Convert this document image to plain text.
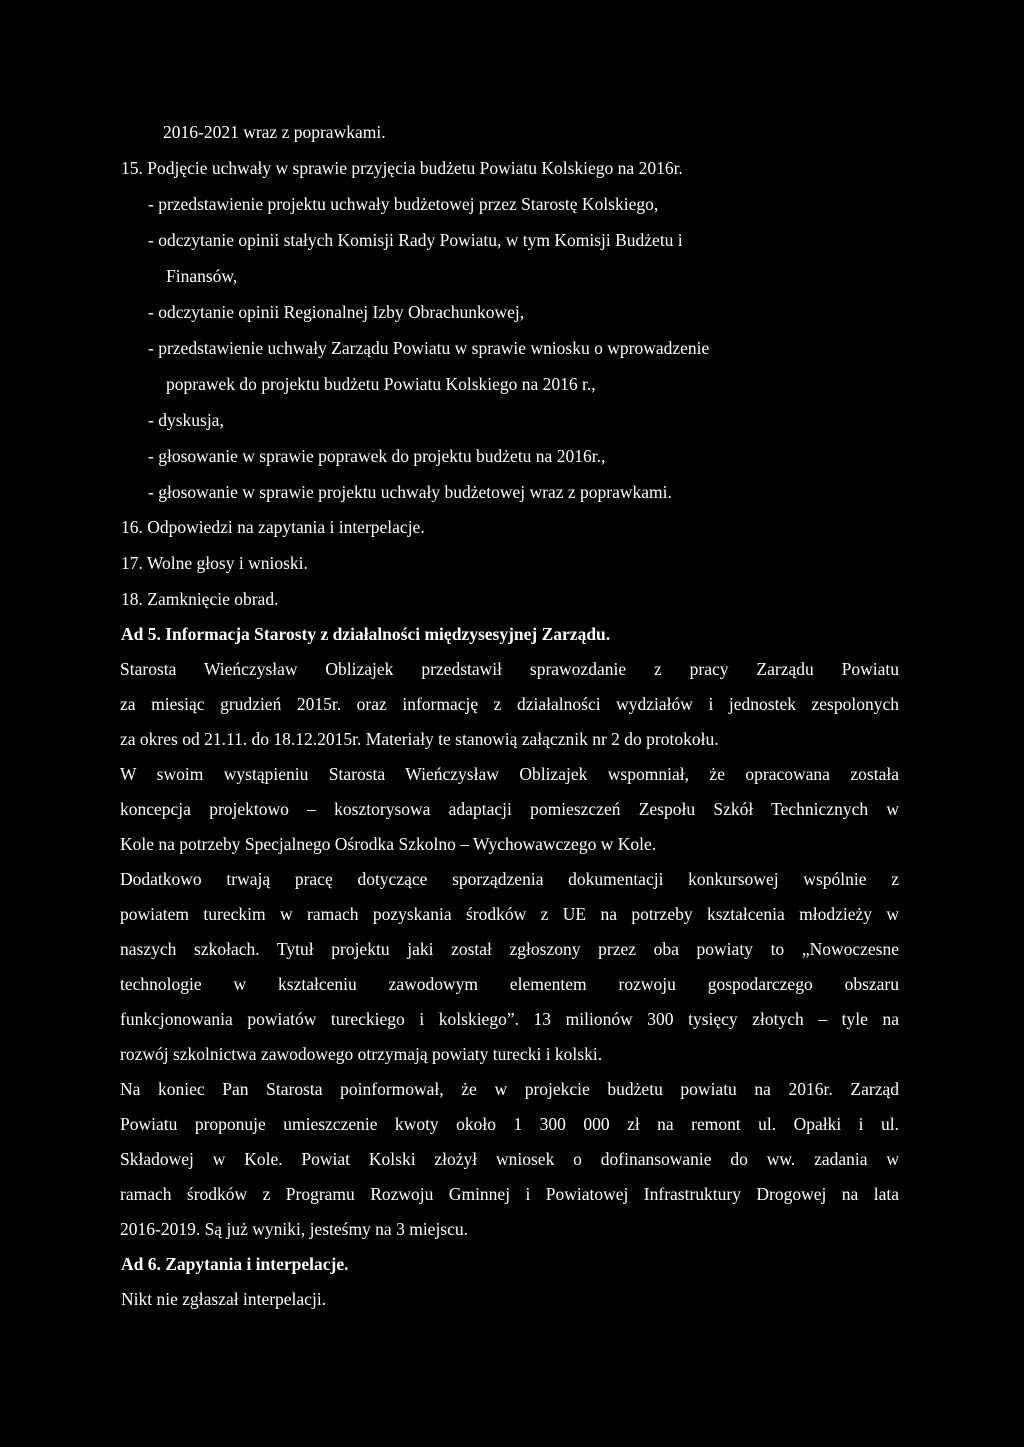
2016-2021 wraz z poprawkami.
15. Podjęcie uchwały w sprawie przyjęcia budżetu Powiatu Kolskiego na 2016r.
- przedstawienie projektu uchwały budżetowej przez Starostę Kolskiego,
- odczytanie opinii stałych Komisji Rady Powiatu, w tym Komisji Budżetu i
Finansów,
- odczytanie opinii Regionalnej Izby Obrachunkowej,
- przedstawienie uchwały Zarządu Powiatu w sprawie wniosku o wprowadzenie
poprawek do projektu budżetu Powiatu Kolskiego na 2016 r.,
- dyskusja,
- głosowanie w sprawie poprawek do projektu budżetu na 2016r.,
- głosowanie w sprawie projektu uchwały budżetowej wraz z poprawkami.
16. Odpowiedzi na zapytania i interpelacje.
17. Wolne głosy i wnioski.
18. Zamknięcie obrad.
Ad 5. Informacja Starosty z działalności międzysesyjnej Zarządu.
Starosta Wieńczysław Oblizajek przedstawił sprawozdanie z pracy Zarządu Powiatu
za miesiąc grudzień 2015r. oraz informację z działalności wydziałów i jednostek zespolonych
za okres od 21.11. do 18.12.2015r. Materiały te stanowią załącznik nr 2 do protokołu.
W swoim wystąpieniu Starosta Wieńczysław Oblizajek wspomniał, że opracowana została
koncepcja projektowo – kosztorysowa adaptacji pomieszczeń Zespołu Szkół Technicznych w
Kole na potrzeby Specjalnego Ośrodka Szkolno – Wychowawczego w Kole.
Dodatkowo trwają pracę dotyczące sporządzenia dokumentacji konkursowej wspólnie z
powiatem tureckim w ramach pozyskania środków z UE na potrzeby kształcenia młodzieży w
naszych szkołach. Tytuł projektu jaki został zgłoszony przez oba powiaty to „Nowoczesne
technologie w kształceniu zawodowym elementem rozwoju gospodarczego obszaru
funkcjonowania powiatów tureckiego i kolskiego”. 13 milionów 300 tysięcy złotych – tyle na
rozwój szkolnictwa zawodowego otrzymają powiaty turecki i kolski.
Na koniec Pan Starosta poinformował, że w projekcie budżetu powiatu na 2016r. Zarząd
Powiatu proponuje umieszczenie kwoty około 1 300 000 zł na remont ul. Opałki i ul.
Składowej w Kole. Powiat Kolski złożył wniosek o dofinansowanie do ww. zadania w
ramach środków z Programu Rozwoju Gminnej i Powiatowej Infrastruktury Drogowej na lata
2016-2019. Są już wyniki, jesteśmy na 3 miejscu.
Ad 6. Zapytania i interpelacje.
Nikt nie zgłaszał interpelacji.
